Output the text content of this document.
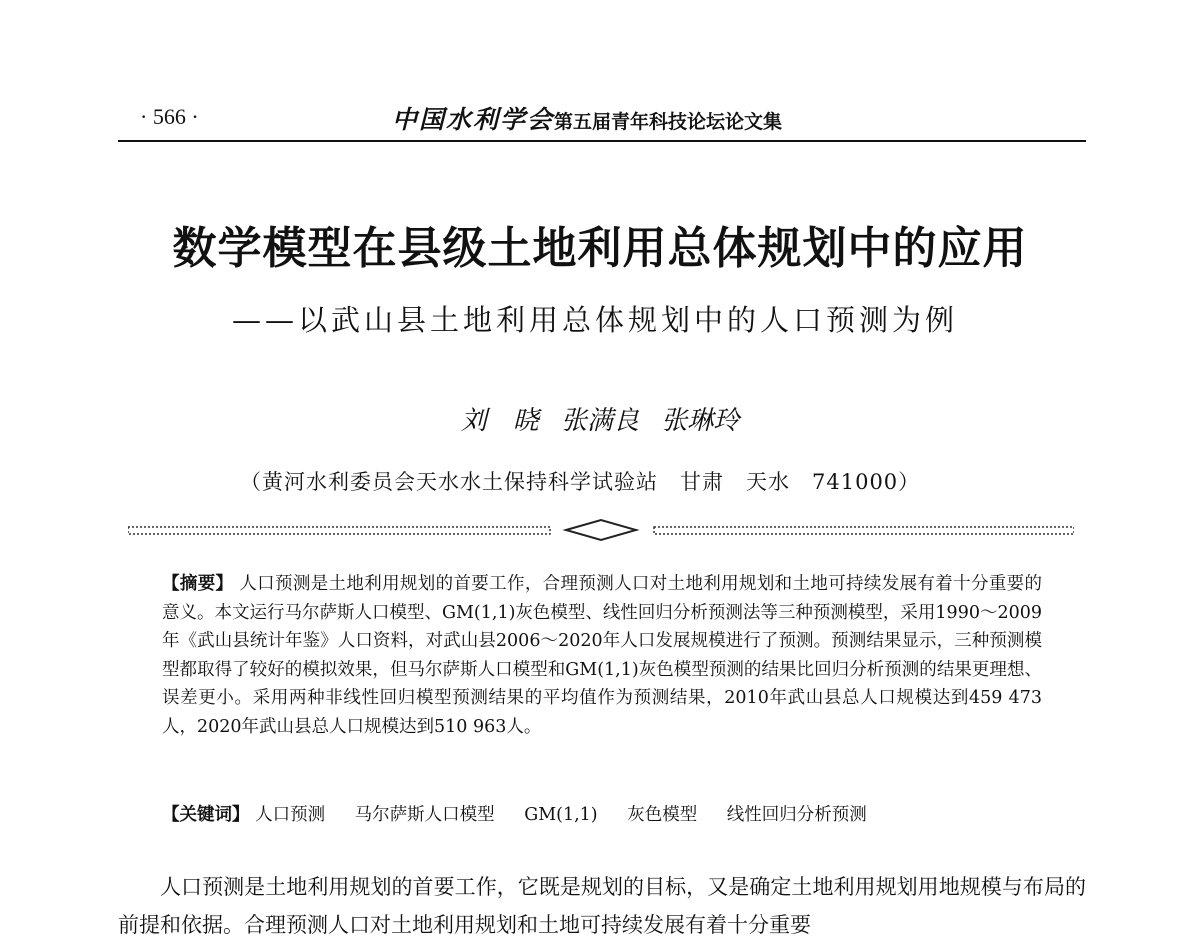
· 566 ·	中国水利学会第五届青年科技论坛论文集
数学模型在县级土地利用总体规划中的应用
——以武山县土地利用总体规划中的人口预测为例
刘　晓 张满良 张琳玲
（黄河水利委员会天水水土保持科学试验站　甘肃　天水　741000）
【摘要】 人口预测是土地利用规划的首要工作，合理预测人口对土地利用规划和土地可持续发展有着十分重要的意义。本文运行马尔萨斯人口模型、GM(1,1)灰色模型、线性回归分析预测法等三种预测模型，采用1990～2009年《武山县统计年鉴》人口资料，对武山县2006～2020年人口发展规模进行了预测。预测结果显示，三种预测模型都取得了较好的模拟效果，但马尔萨斯人口模型和GM(1,1)灰色模型预测的结果比回归分析预测的结果更理想、误差更小。采用两种非线性回归模型预测结果的平均值作为预测结果，2010年武山县总人口规模达到459 473人，2020年武山县总人口规模达到510 963人。
【关键词】 人口预测 马尔萨斯人口模型 GM(1,1) 灰色模型 线性回归分析预测

人口预测是土地利用规划的首要工作，它既是规划的目标，又是确定土地利用规划用地规模与布局的前提和依据。合理预测人口对土地利用规划和土地可持续发展有着十分重要
